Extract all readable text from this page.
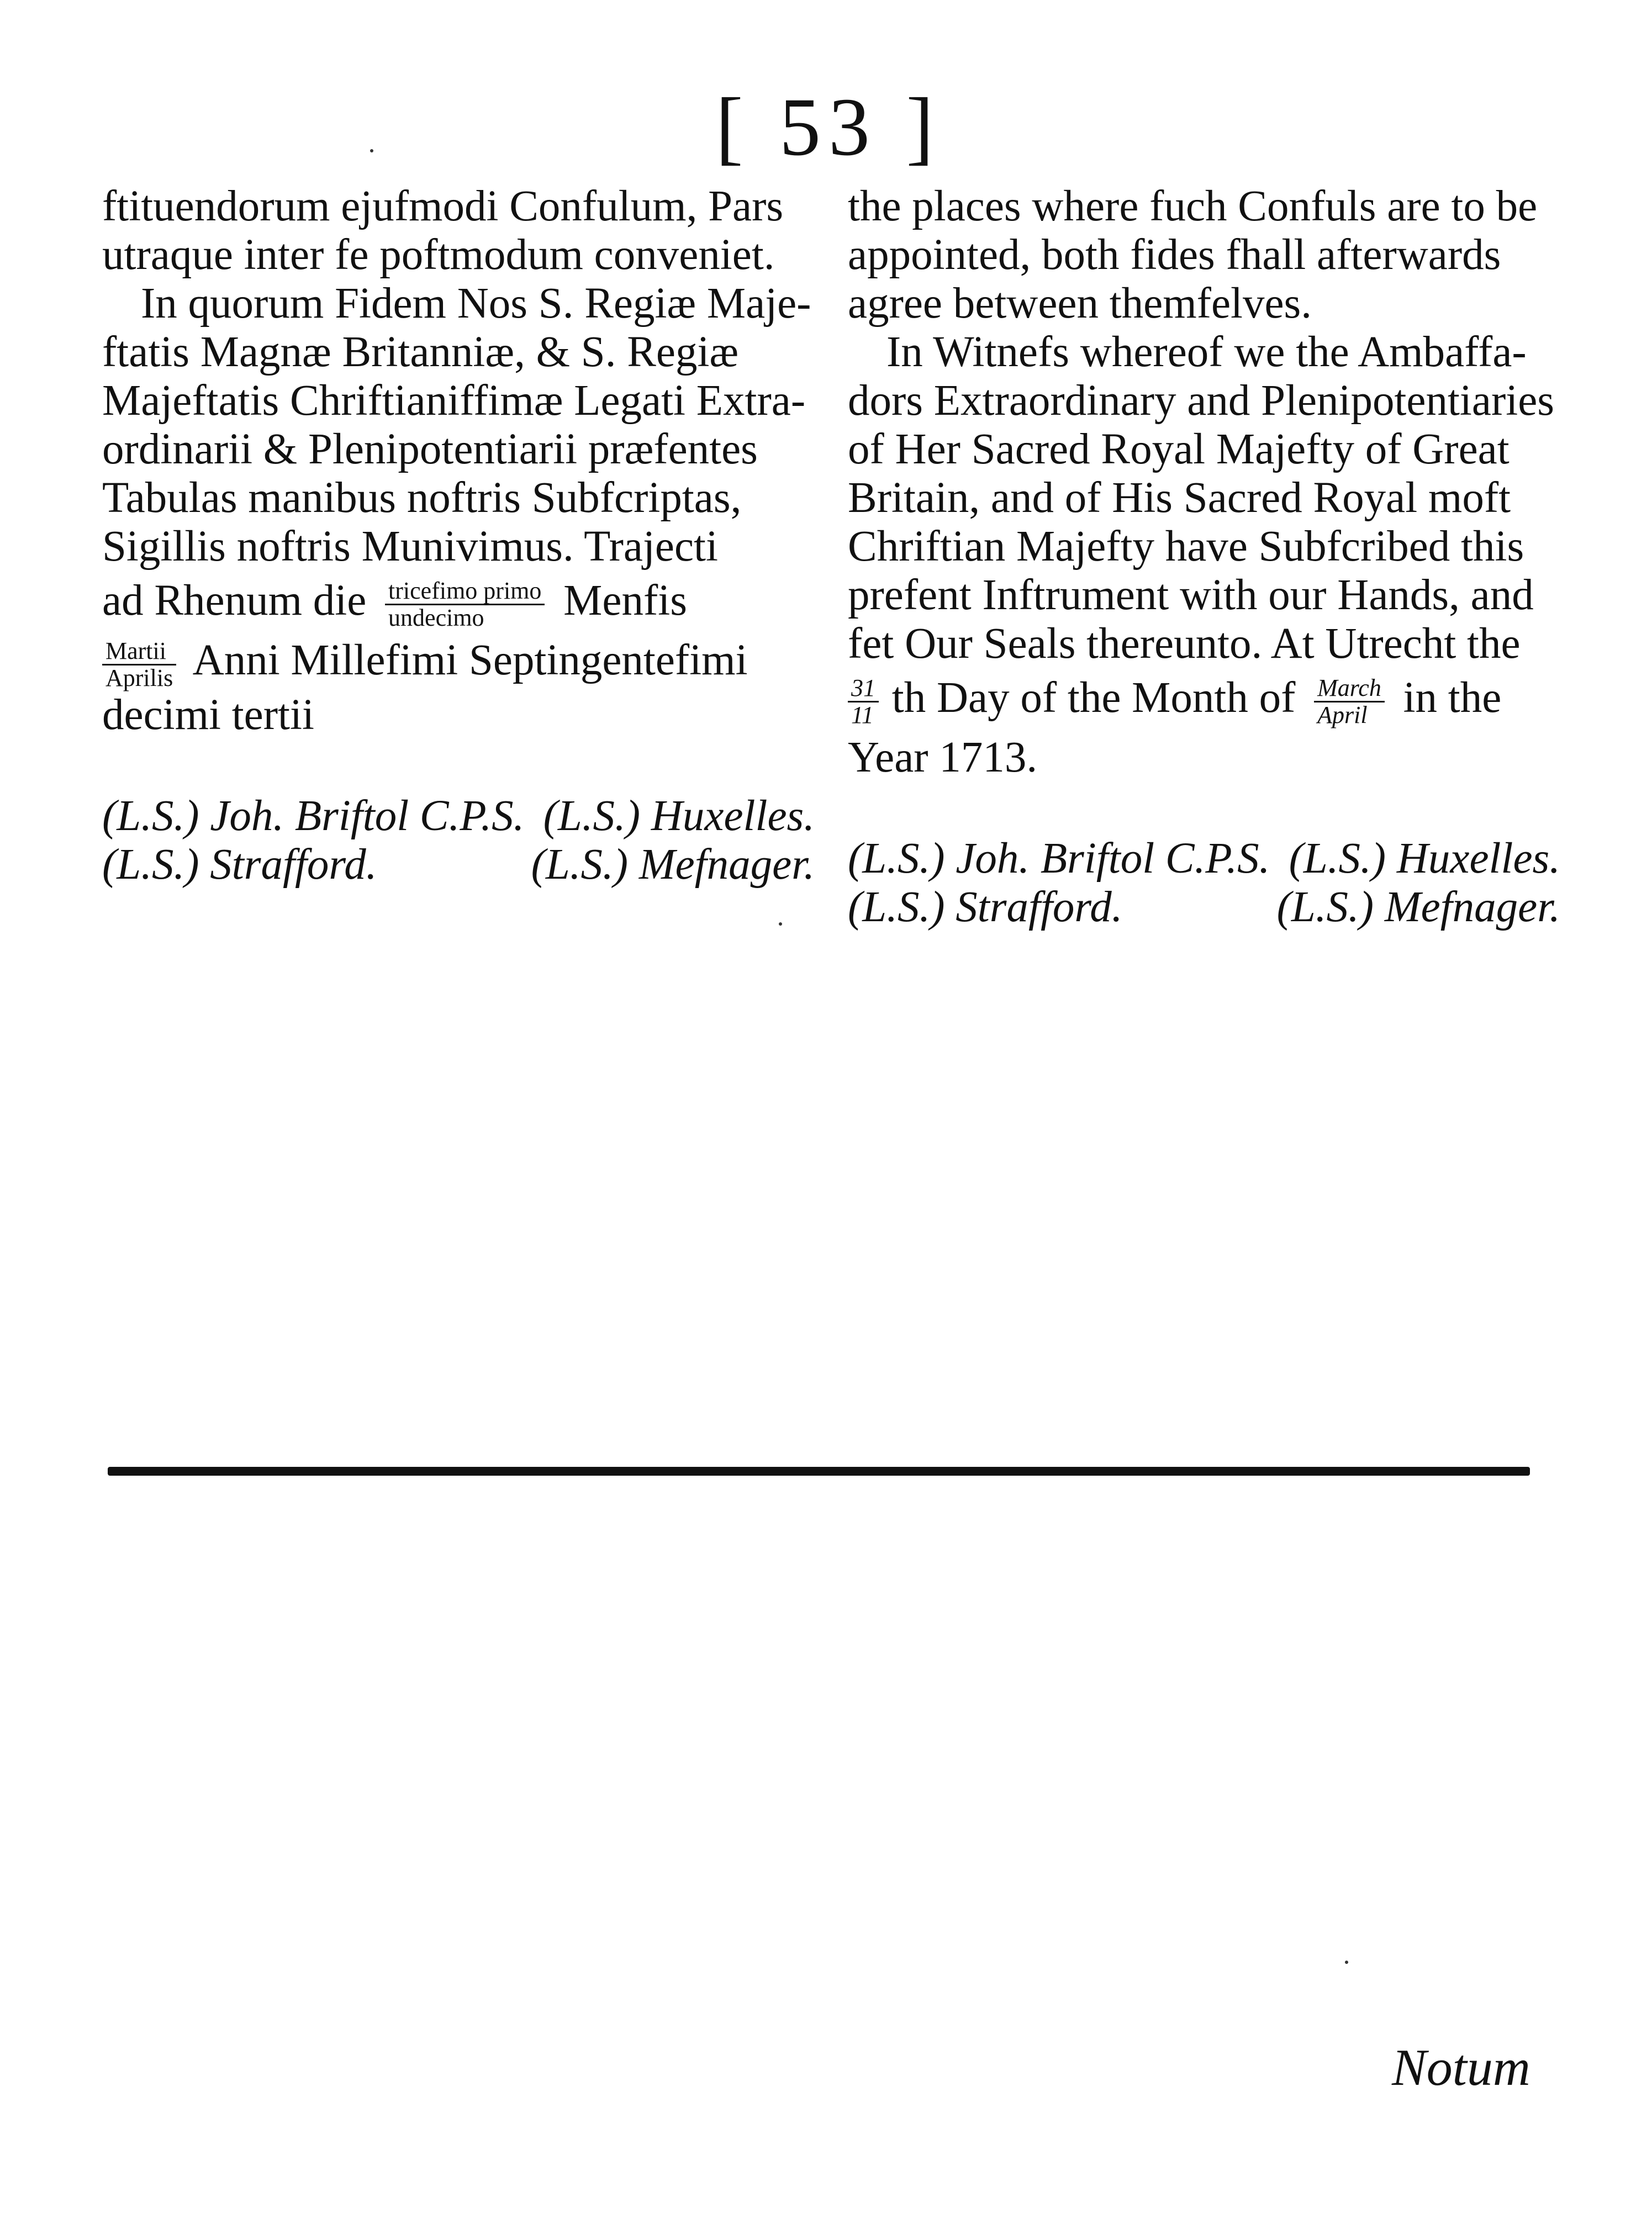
[ 53 ]

ftituendorum ejufmodi Confulum, Pars
utraque inter fe poftmodum conveniet.

In quorum Fidem Nos S. Regiæ Maje-
ftatis Magnæ Britanniæ, & S. Regiæ
Majeftatis Chriftianiffimæ Legati Extra-
ordinarii & Plenipotentiarii præfentes
Tabulas manibus noftris Subfcriptas,
Sigillis noftris Munivimus. Trajecti
ad Rhenum die $\frac{\text{tricefimo primo}}{\text{undecimo}}$ Menfis
$\frac{\text{Martii}}{\text{Aprilis}}$ Anni Millefimi Septingentefimi
decimi tertii

(L.S.) Joh. Briftol C.P.S. (L.S.) Huxelles.
(L.S.) Strafford.	(L.S.) Mefnager.

the places where fuch Confuls are to be
appointed, both fides fhall afterwards
agree between themfelves.

In Witnefs whereof we the Ambaffa-
dors Extraordinary and Plenipotentiaries
of Her Sacred Royal Majefty of Great
Britain, and of His Sacred Royal moft
Chriftian Majefty have Subfcribed this
prefent Inftrument with our Hands, and
fet Our Seals thereunto. At Utrecht the
$\frac{31}{11}$ th Day of the Month of $\frac{\text{March}}{\text{April}}$ in the
Year 1713.

(L.S.) Joh. Briftol C.P.S. (L.S.) Huxelles.
(L.S.) Strafford.	(L.S.) Mefnager.
Notum
